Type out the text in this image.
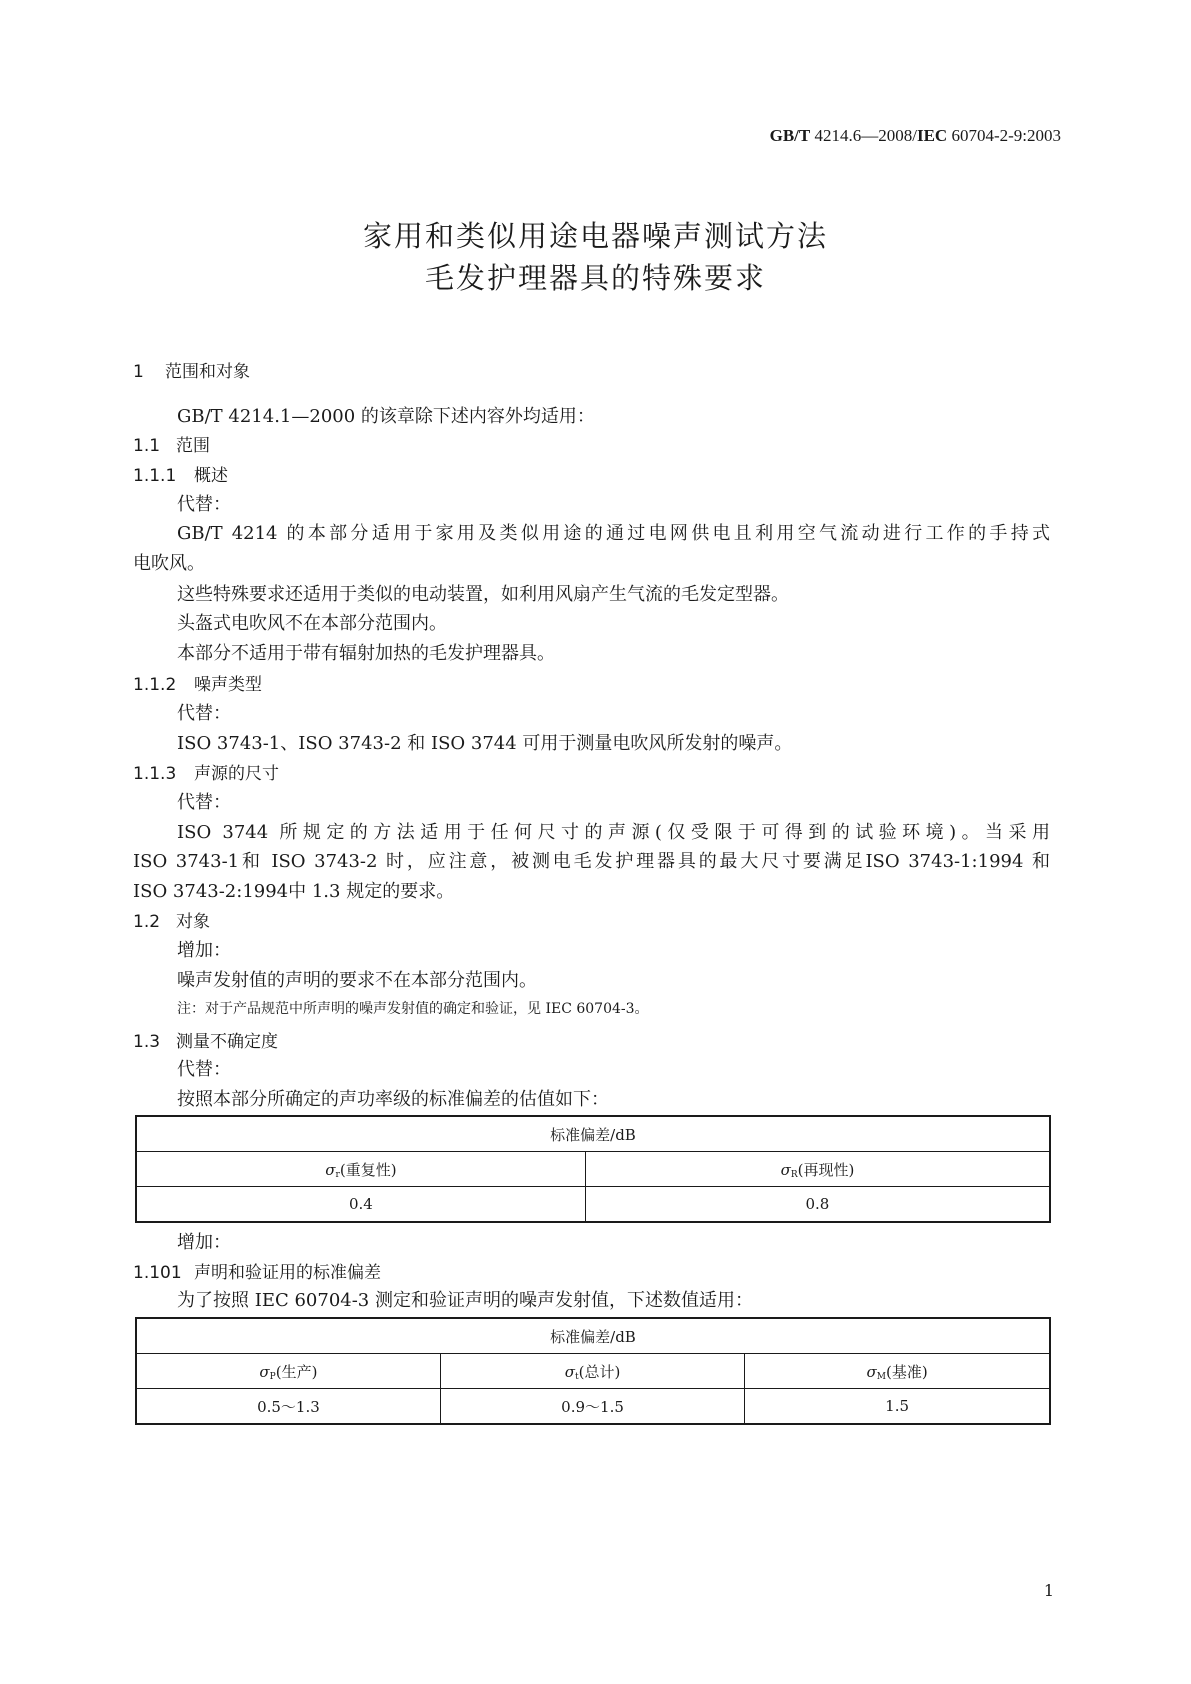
GB/T 4214.6—2008/IEC 60704-2-9:2003
家用和类似用途电器噪声测试方法
毛发护理器具的特殊要求
1 范围和对象
GB/T 4214.1—2000 的该章除下述内容外均适用：
1.1 范围
1.1.1 概述
代替：
GB/T 4214 的本部分适用于家用及类似用途的通过电网供电且利用空气流动进行工作的手持式
电吹风。
这些特殊要求还适用于类似的电动装置，如利用风扇产生气流的毛发定型器。
头盔式电吹风不在本部分范围内。
本部分不适用于带有辐射加热的毛发护理器具。
1.1.2 噪声类型
代替：
ISO 3743-1、ISO 3743-2 和 ISO 3744 可用于测量电吹风所发射的噪声。
1.1.3 声源的尺寸
代替：
ISO 3744 所规定的方法适用于任何尺寸的声源(仅受限于可得到的试验环境)。当采用
ISO 3743-1和 ISO 3743-2 时，应注意，被测电毛发护理器具的最大尺寸要满足ISO 3743-1:1994 和
ISO 3743-2:1994中 1.3 规定的要求。
1.2 对象
增加：
噪声发射值的声明的要求不在本部分范围内。
注：对于产品规范中所声明的噪声发射值的确定和验证，见 IEC 60704-3。
1.3 测量不确定度
代替：
按照本部分所确定的声功率级的标准偏差的估值如下：
标准偏差/dB	
$\sigma_r$(重复性)	$\sigma_R$(再现性)
0.4	0.8
增加：
1.101 声明和验证用的标准偏差
为了按照 IEC 60704-3 测定和验证声明的噪声发射值，下述数值适用：
标准偏差/dB		
$\sigma_P$(生产)	$\sigma_t$(总计)	$\sigma_M$(基准)
0.5～1.3	0.9～1.5	1.5
1
